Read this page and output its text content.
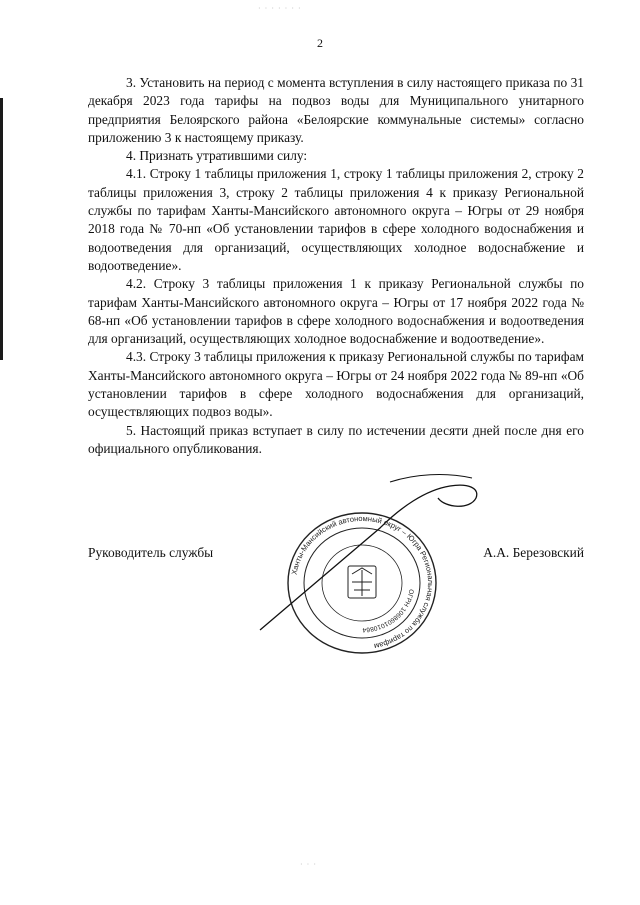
· · · · · · ·
2

3. Установить на период с момента вступления в силу настоящего приказа по 31 декабря 2023 года тарифы на подвоз воды для Муниципального унитарного предприятия Белоярского района «Белоярские коммунальные системы» согласно приложению 3 к настоящему приказу.

4. Признать утратившими силу:

4.1. Строку 1 таблицы приложения 1, строку 1 таблицы приложения 2, строку 2 таблицы приложения 3, строку 2 таблицы приложения 4 к приказу Региональной службы по тарифам Ханты-Мансийского автономного округа – Югры от 29 ноября 2018 года № 70-нп «Об установлении тарифов в сфере холодного водоснабжения и водоотведения для организаций, осуществляющих холодное водоснабжение и водоотведение».

4.2. Строку 3 таблицы приложения 1 к приказу Региональной службы по тарифам Ханты-Мансийского автономного округа – Югры от 17 ноября 2022 года № 68-нп «Об установлении тарифов в сфере холодного водоснабжения и водоотведения для организаций, осуществляющих холодное водоснабжение и водоотведение».

4.3. Строку 3 таблицы приложения к приказу Региональной службы по тарифам Ханты-Мансийского автономного округа – Югры от 24 ноября 2022 года № 89-нп «Об установлении тарифов в сфере холодного водоснабжения для организаций, осуществляющих подвоз воды».

5. Настоящий приказ вступает в силу по истечении десяти дней после дня его официального опубликования.

Руководитель службы	А.А. Березовский
Ханты-Мансийский автономный округ – Югра Региональная служба по тарифам
ОГРН 1068601010864
· · ·
